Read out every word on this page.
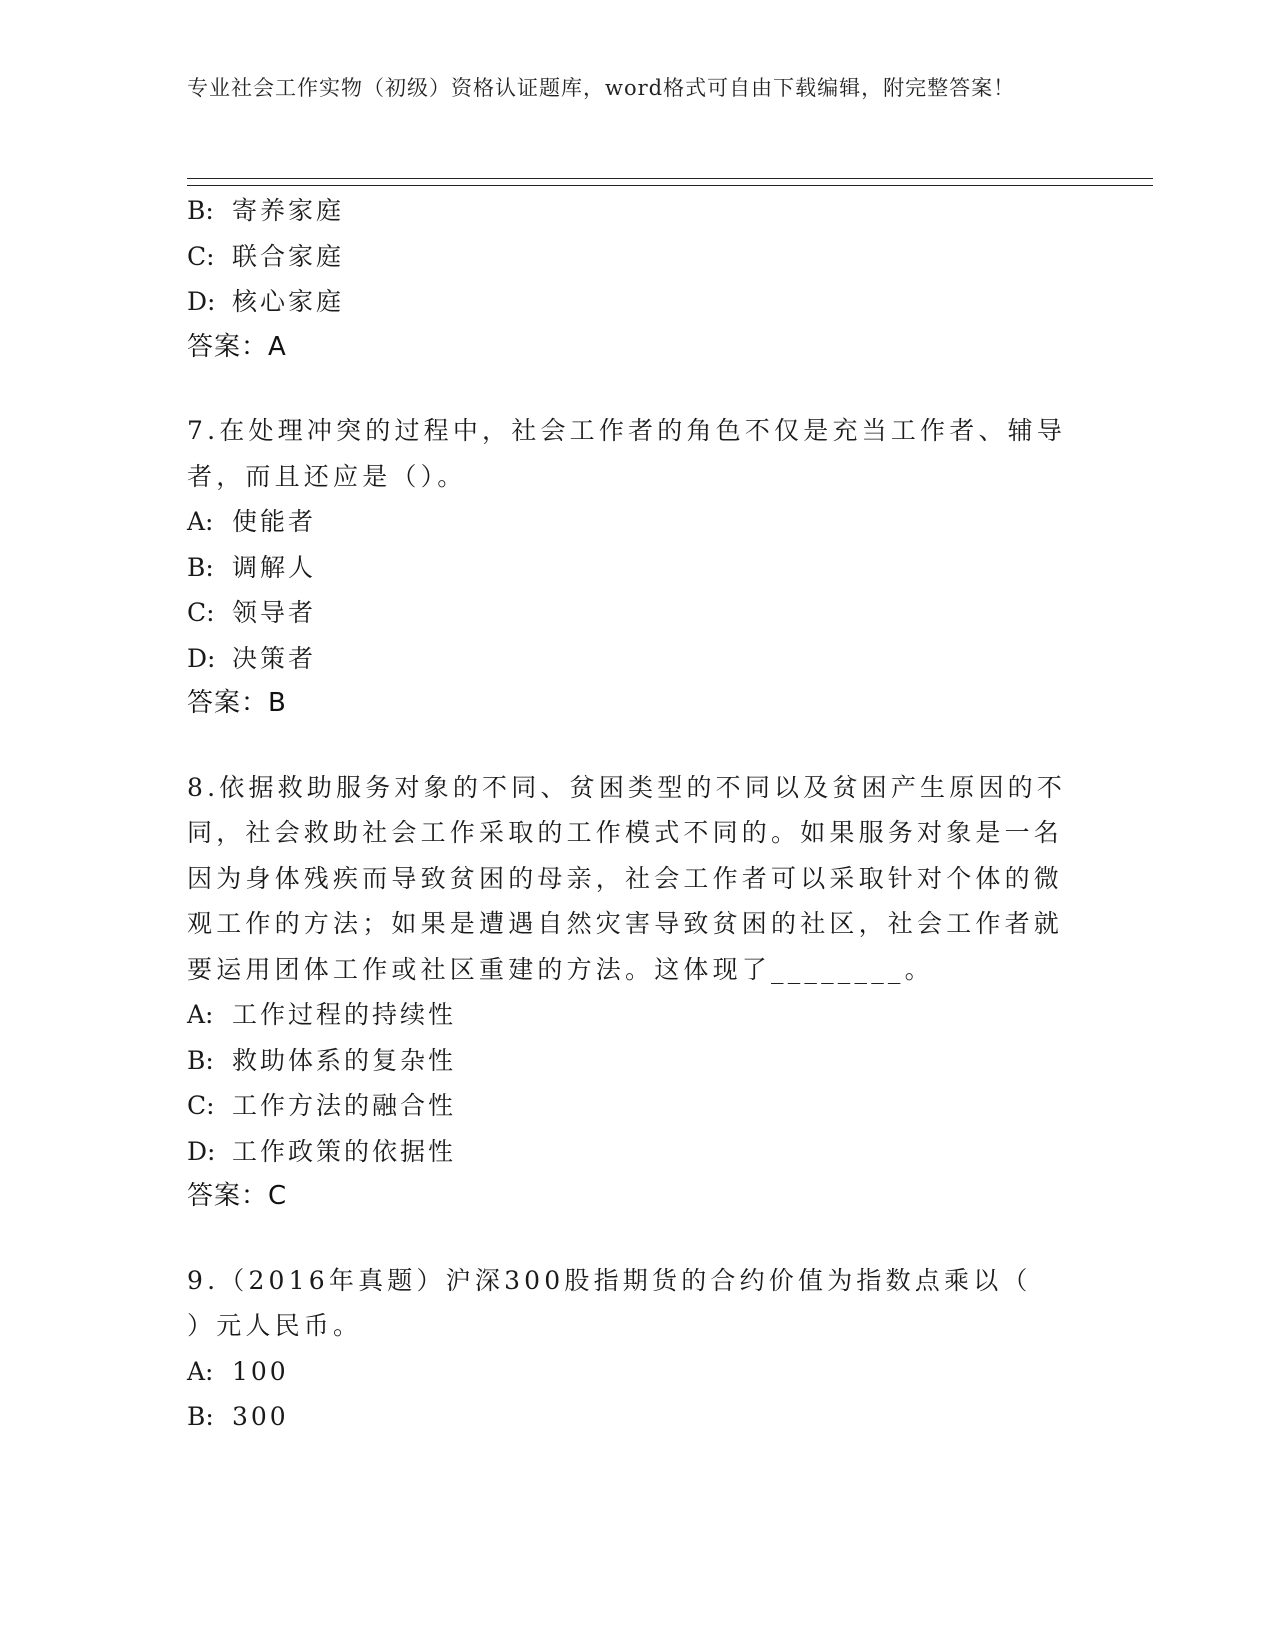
专业社会工作实物（初级）资格认证题库，word格式可自由下载编辑，附完整答案！
B: 寄养家庭
C: 联合家庭
D: 核心家庭
答案：A
7.在处理冲突的过程中，社会工作者的角色不仅是充当工作者、辅导者，而且还应是（）。
A: 使能者
B: 调解人
C: 领导者
D: 决策者
答案：B
8.依据救助服务对象的不同、贫困类型的不同以及贫困产生原因的不同，社会救助社会工作采取的工作模式不同的。如果服务对象是一名因为身体残疾而导致贫困的母亲，社会工作者可以采取针对个体的微观工作的方法；如果是遭遇自然灾害导致贫困的社区，社会工作者就要运用团体工作或社区重建的方法。这体现了________。
A: 工作过程的持续性
B: 救助体系的复杂性
C: 工作方法的融合性
D: 工作政策的依据性
答案：C
9.（2016年真题）沪深300股指期货的合约价值为指数点乘以（　　）元人民币。
A: 100
B: 300
